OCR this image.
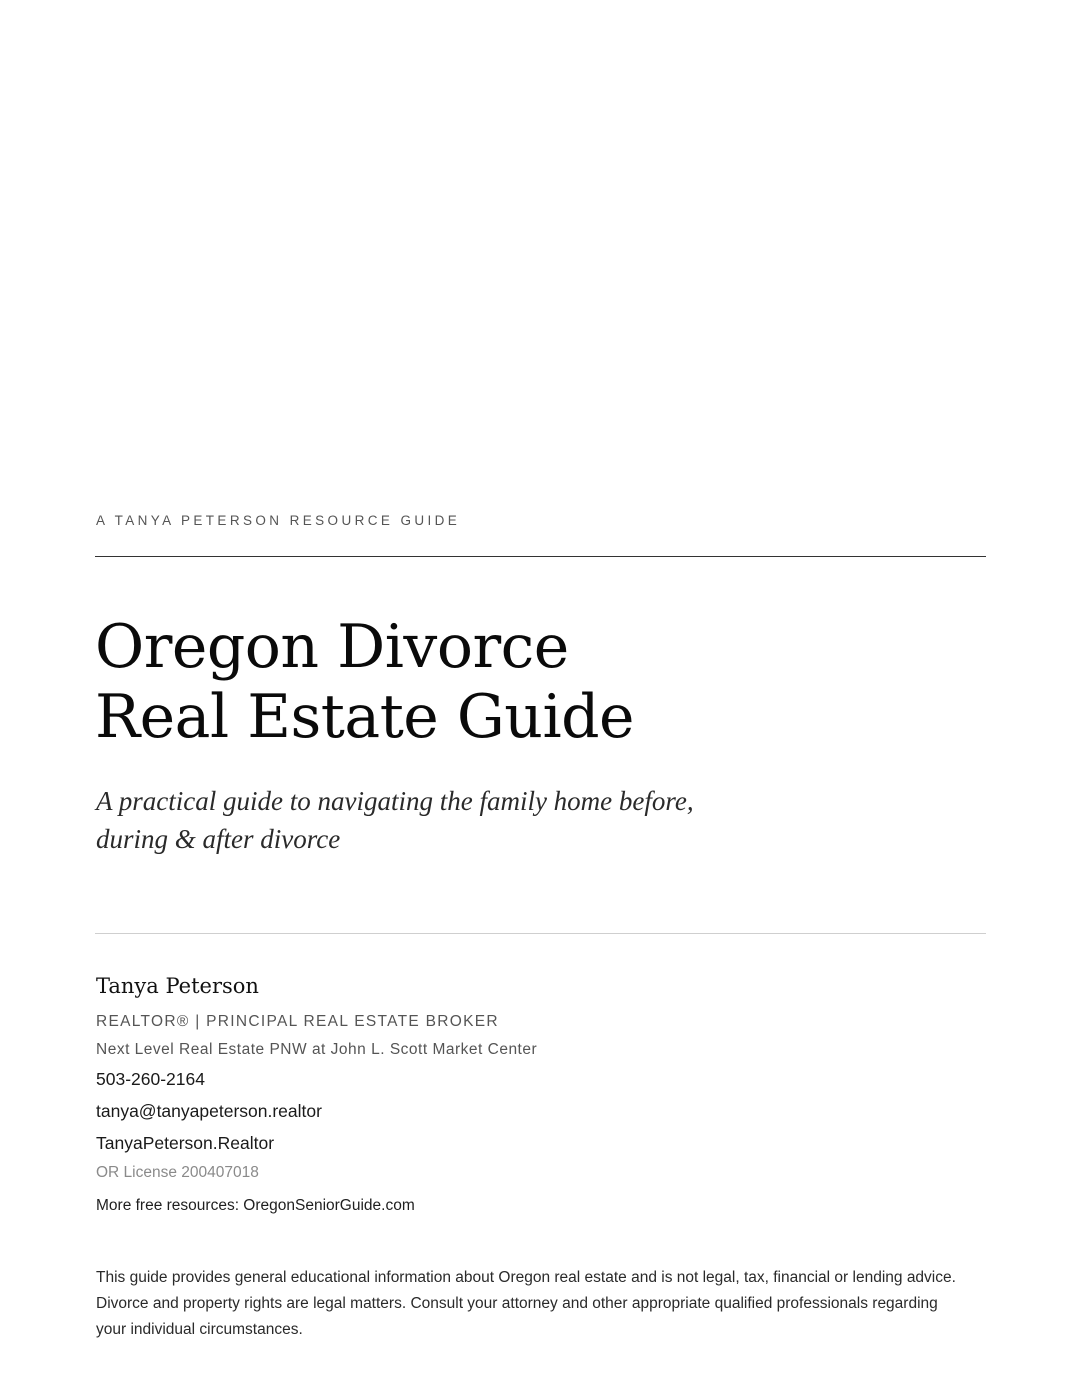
A TANYA PETERSON RESOURCE GUIDE
Oregon Divorce
Real Estate Guide

A practical guide to navigating the family home before, during & after divorce

Tanya Peterson
REALTOR® | PRINCIPAL REAL ESTATE BROKER
Next Level Real Estate PNW at John L. Scott Market Center
503-260-2164
tanya@tanyapeterson.realtor
TanyaPeterson.Realtor
OR License 200407018
More free resources: OregonSeniorGuide.com

This guide provides general educational information about Oregon real estate and is not legal, tax, financial or lending advice. Divorce and property rights are legal matters. Consult your attorney and other appropriate qualified professionals regarding your individual circumstances.
